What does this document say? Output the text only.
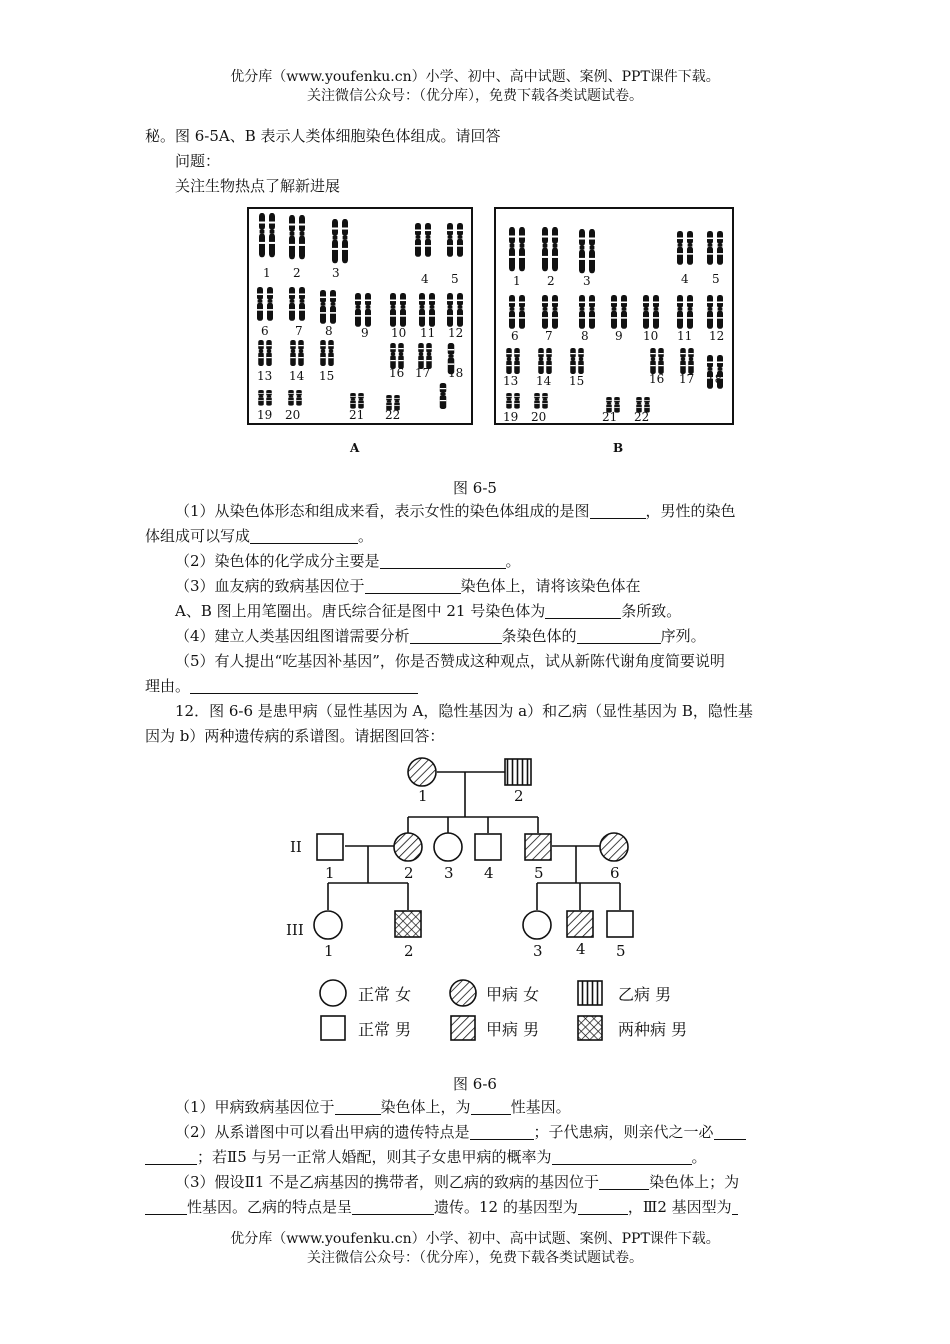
优分库（www.youfenku.cn）小学、初中、高中试题、案例、PPT课件下载。
关注微信公众号：（优分库），免费下载各类试题试卷。
秘。图 6-5A、B 表示人类体细胞染色体组成。请回答
问题：
关注生物热点了解新进展
1 2	3	4 5
6 7 8 9 10 11 12
13 14 15	16 17 18
19 20	21 22
1 2 3	4 5
6 7 8 9 10 11 12
13 14 15	16 17 18
19 20	21 22
A	B
图 6-5
（1）从染色体形态和组成来看，表示女性的染色体组成的是图	，男性的染色
体组成可以写成	。
（2）染色体的化学成分主要是	。
（3）血友病的致病基因位于	染色体上，请将该染色体在
A、B 图上用笔圈出。唐氏综合征是图中 21 号染色体为	条所致。
（4）建立人类基因组图谱需要分析	条染色体的	序列。
（5）有人提出“吃基因补基因”，你是否赞成这种观点，试从新陈代谢角度简要说明
理由。
12．图 6-6 是患甲病（显性基因为 A，隐性基因为 a）和乙病（显性基因为 B，隐性基
因为 b）两种遗传病的系谱图。请据图回答：
1	2
II
1	2 3 4	5	6
III
1	2	3 4 5
正常 女	甲病 女	乙病 男
正常 男	甲病 男	两种病 男
图 6-6
（1）甲病致病基因位于	染色体上，为	性基因。
（2）从系谱图中可以看出甲病的遗传特点是	；子代患病，则亲代之一必
；若Ⅱ5 与另一正常人婚配，则其子女患甲病的概率为	。
（3）假设Ⅱ1 不是乙病基因的携带者，则乙病的致病的基因位于	染色体上；为
性基因。乙病的特点是呈	遗传。12 的基因型为	，Ⅲ2 基因型为
优分库（www.youfenku.cn）小学、初中、高中试题、案例、PPT课件下载。
关注微信公众号：（优分库），免费下载各类试题试卷。
